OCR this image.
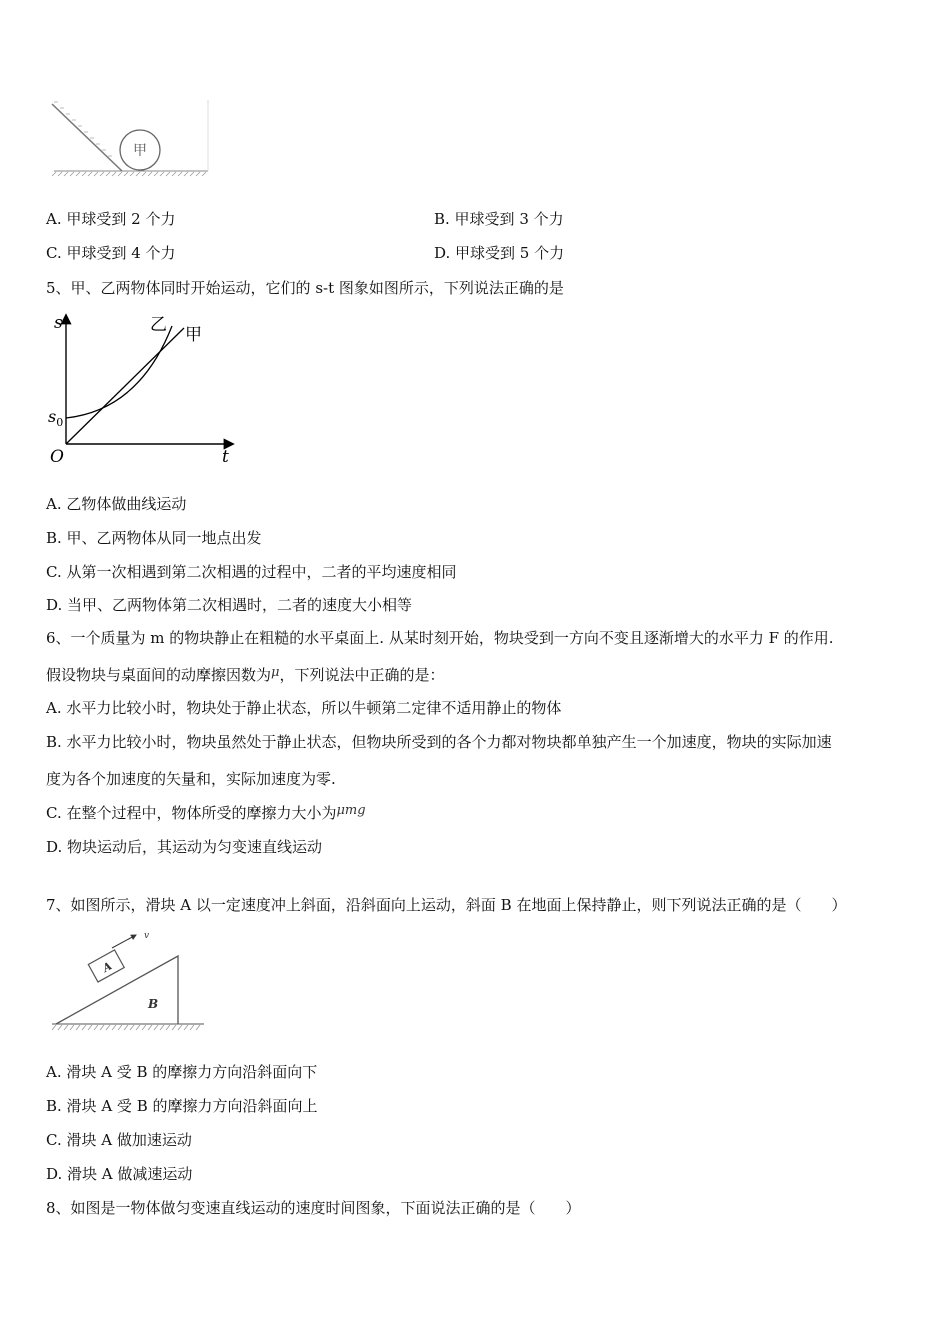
甲
A. 甲球受到 2 个力	B. 甲球受到 3 个力
C. 甲球受到 4 个力	D. 甲球受到 5 个力
5、甲、乙两物体同时开始运动，它们的 s-t 图象如图所示，下列说法正确的是
s
t
O
$s_0$
乙 甲
A. 乙物体做曲线运动
B. 甲、乙两物体从同一地点出发
C. 从第一次相遇到第二次相遇的过程中，二者的平均速度相同
D. 当甲、乙两物体第二次相遇时，二者的速度大小相等
6、一个质量为 m 的物块静止在粗糙的水平桌面上. 从某时刻开始，物块受到一方向不变且逐渐增大的水平力 F 的作用.
假设物块与桌面间的动摩擦因数为μ，下列说法中正确的是：
A. 水平力比较小时，物块处于静止状态，所以牛顿第二定律不适用静止的物体
B. 水平力比较小时，物块虽然处于静止状态，但物块所受到的各个力都对物块都单独产生一个加速度，物块的实际加速
度为各个加速度的矢量和，实际加速度为零.
C. 在整个过程中，物体所受的摩擦力大小为μmg
D. 物块运动后，其运动为匀变速直线运动
7、如图所示，滑块 A 以一定速度冲上斜面，沿斜面向上运动，斜面 B 在地面上保持静止，则下列说法正确的是（　　）
B
A
v
A. 滑块 A 受 B 的摩擦力方向沿斜面向下
B. 滑块 A 受 B 的摩擦力方向沿斜面向上
C. 滑块 A 做加速运动
D. 滑块 A 做减速运动
8、如图是一物体做匀变速直线运动的速度时间图象，下面说法正确的是（　　）
